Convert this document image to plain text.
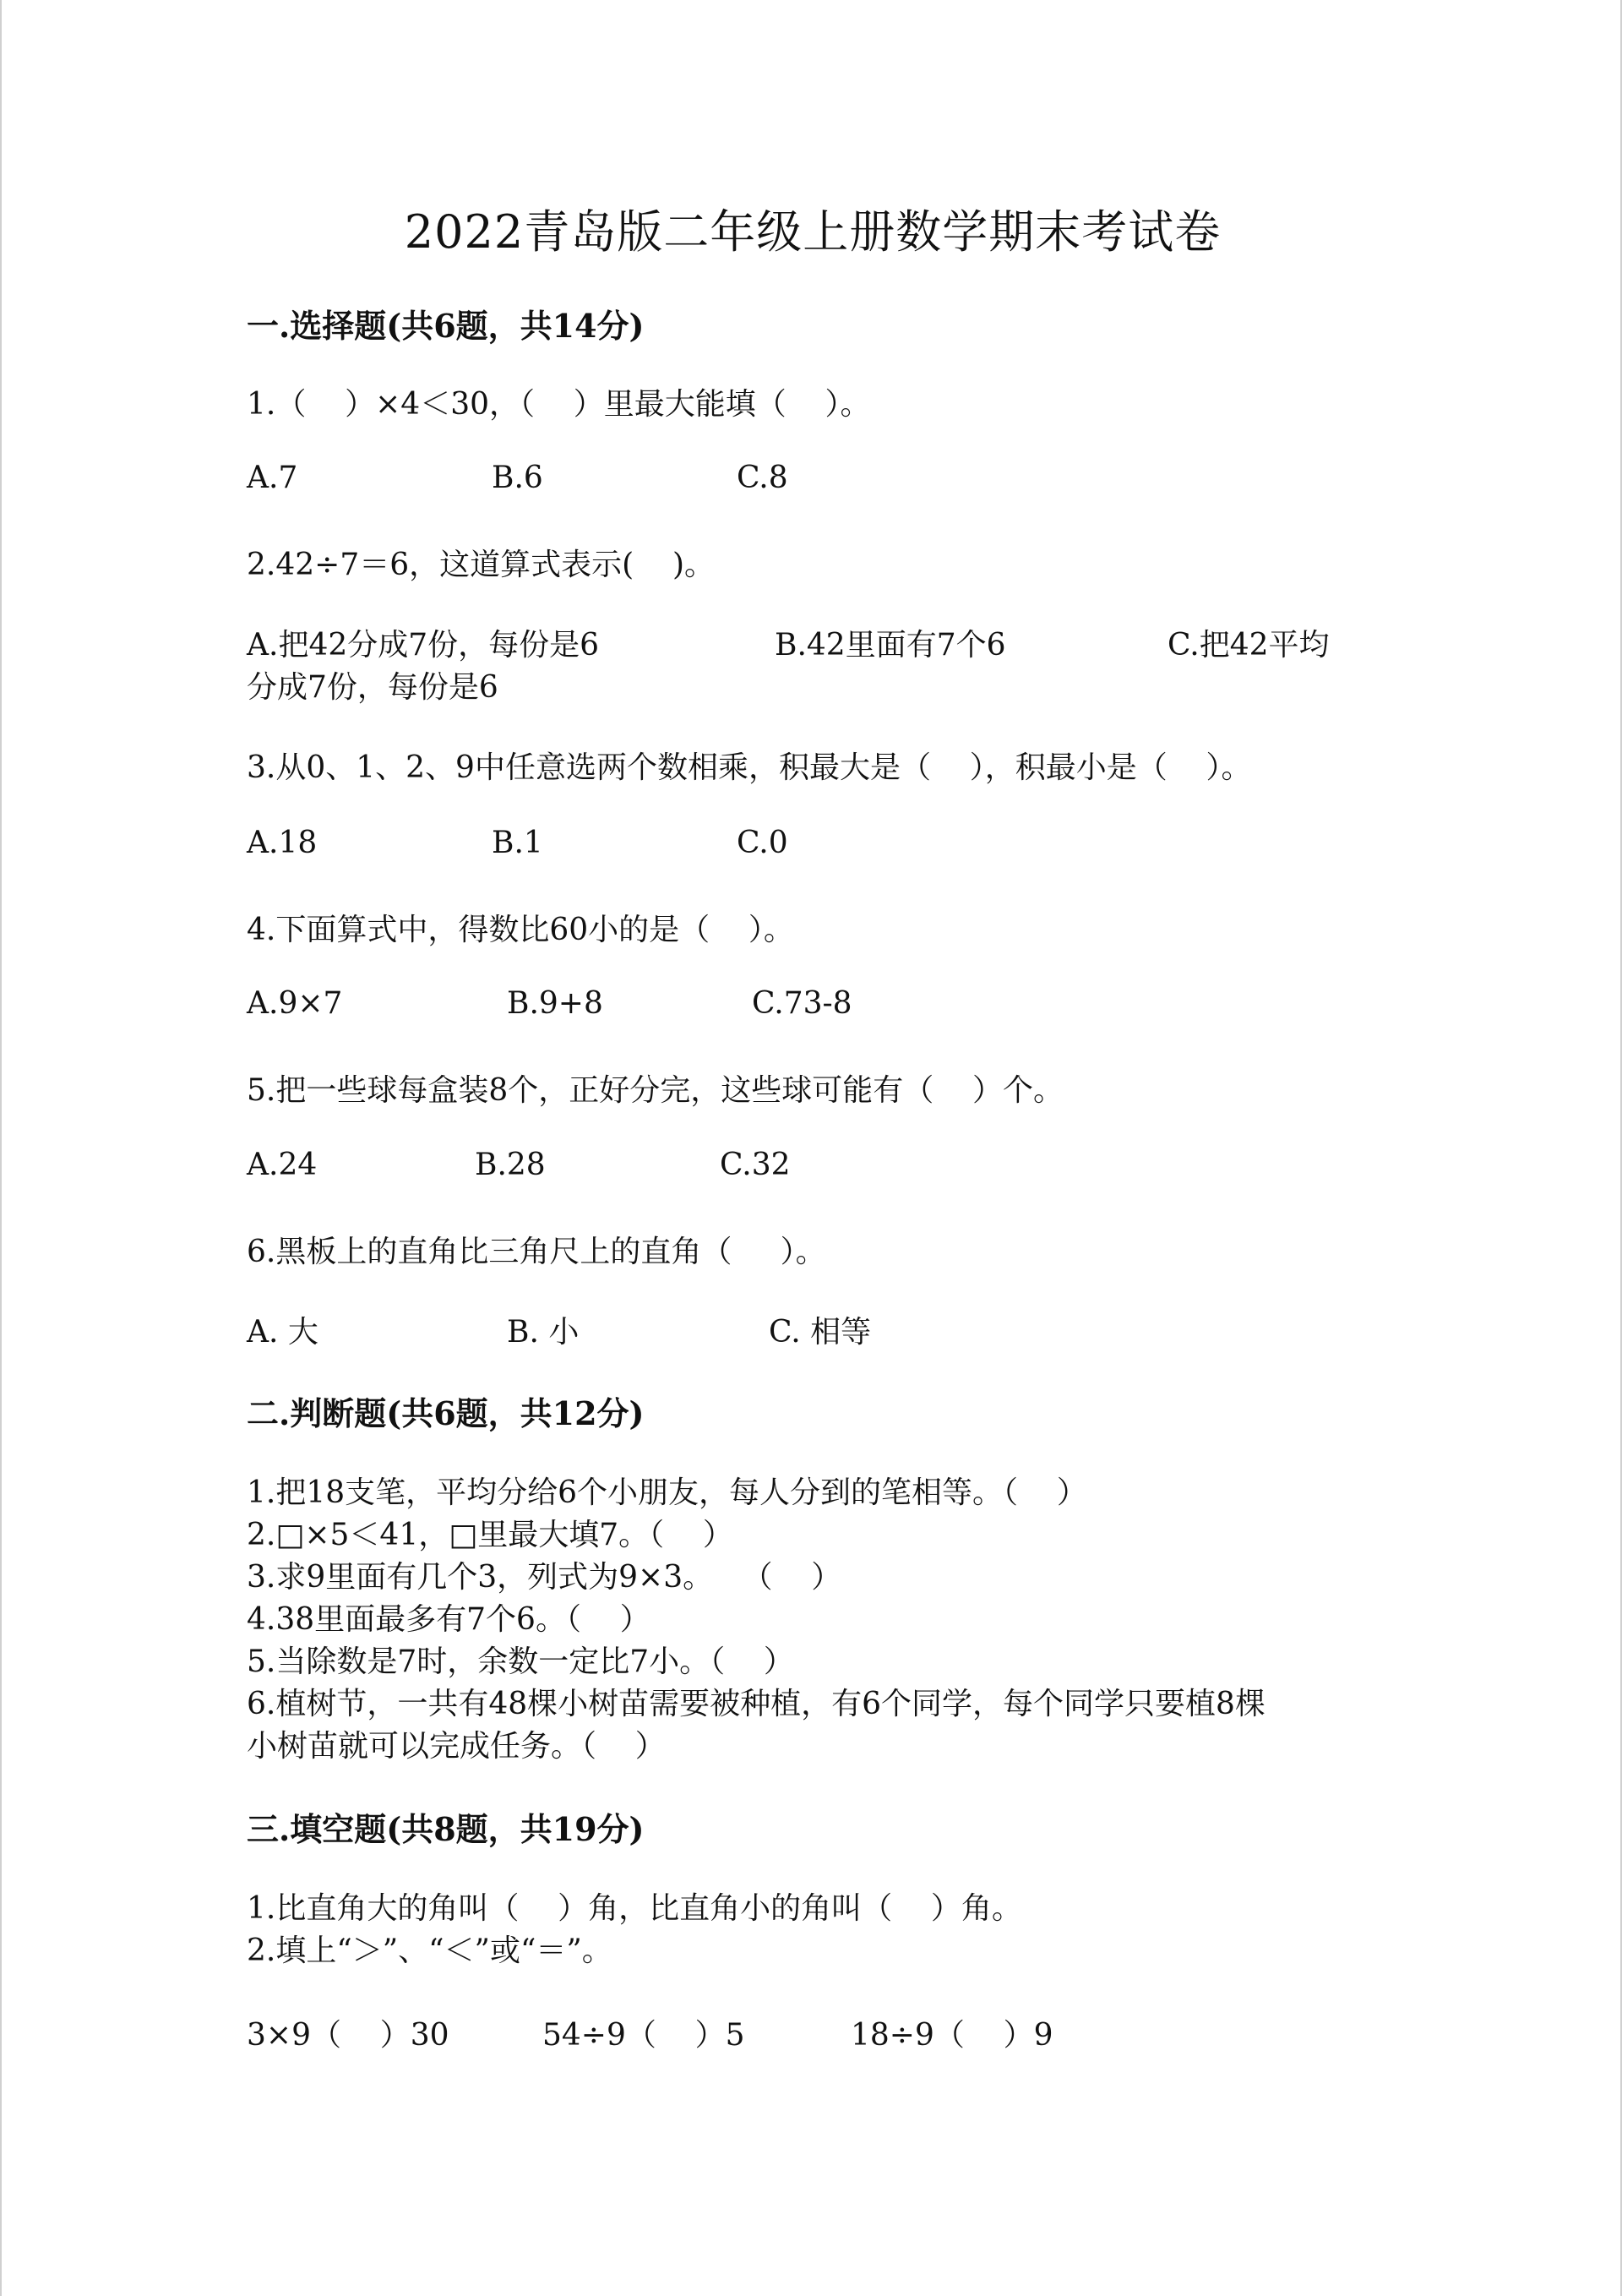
2022青岛版二年级上册数学期末考试卷
一.选择题(共6题，共14分)
1.（    ）×4＜30，（    ）里最大能填（    ）。
A.7	B.6	C.8
2.42÷7＝6，这道算式表示(    )。
A.把42分成7份，每份是6	B.42里面有7个6	C.把42平均
分成7份，每份是6
3.从0、1、2、9中任意选两个数相乘，积最大是（    ），积最小是（    ）。
A.18	B.1	C.0
4.下面算式中，得数比60小的是（    ）。
A.9×7	B.9+8	C.73-8
5.把一些球每盒装8个，正好分完，这些球可能有（    ）个。
A.24	B.28	C.32
6.黑板上的直角比三角尺上的直角（     ）。
A. 大	B. 小	C. 相等
二.判断题(共6题，共12分)
1.把18支笔，平均分给6个小朋友，每人分到的笔相等。（    ）
2.□×5＜41，□里最大填7。（    ）
3.求9里面有几个3，列式为9×3。   （    ）
4.38里面最多有7个6。（    ）
5.当除数是7时，余数一定比7小。（    ）
6.植树节，一共有48棵小树苗需要被种植，有6个同学，每个同学只要植8棵
小树苗就可以完成任务。（    ）
三.填空题(共8题，共19分)
1.比直角大的角叫（    ）角，比直角小的角叫（    ）角。
2.填上“＞”、“＜”或“＝”。
3×9（    ）30	54÷9（    ）5	18÷9（    ）9
